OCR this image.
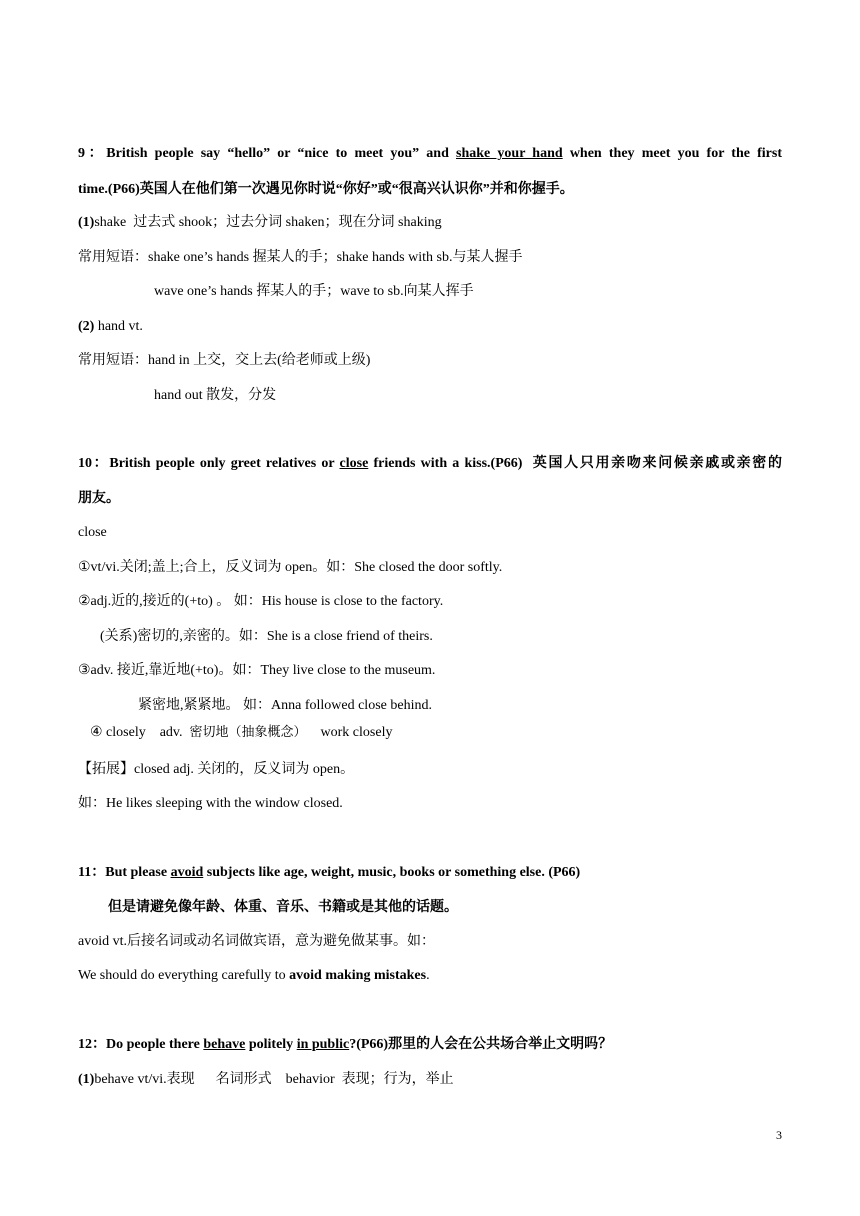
9：British people say “hello” or “nice to meet you” and shake your hand when they meet you for the first
time.(P66)英国人在他们第一次遇见你时说“你好”或“很高兴认识你”并和你握手。
(1)shake  过去式 shook；过去分词 shaken；现在分词 shaking
常用短语：shake one’s hands 握某人的手；shake hands with sb.与某人握手
wave one’s hands 挥某人的手；wave to sb.向某人挥手
(2) hand vt.
常用短语：hand in 上交，交上去(给老师或上级)
hand out 散发，分发
10：British people only greet relatives or close friends with a kiss.(P66)  英国人只用亲吻来问候亲戚或亲密的
朋友。
close
①vt/vi.关闭;盖上;合上，反义词为 open。如：She closed the door softly.
②adj.近的,接近的(+to) 。 如：His house is close to the factory.
(关系)密切的,亲密的。如：She is a close friend of theirs.
③adv. 接近,靠近地(+to)。如：They live close to the museum.
紧密地,紧紧地。 如：Anna followed close behind.
④ closely    adv.  密切地（抽象概念）    work closely
【拓展】closed adj. 关闭的，反义词为 open。
如：He likes sleeping with the window closed.
11：But please avoid subjects like age, weight, music, books or something else. (P66)
但是请避免像年龄、体重、音乐、书籍或是其他的话题。
avoid vt.后接名词或动名词做宾语，意为避免做某事。如：
We should do everything carefully to avoid making mistakes.
12：Do people there behave politely in public?(P66)那里的人会在公共场合举止文明吗？
(1)behave vt/vi.表现      名词形式    behavior  表现；行为，举止
3
